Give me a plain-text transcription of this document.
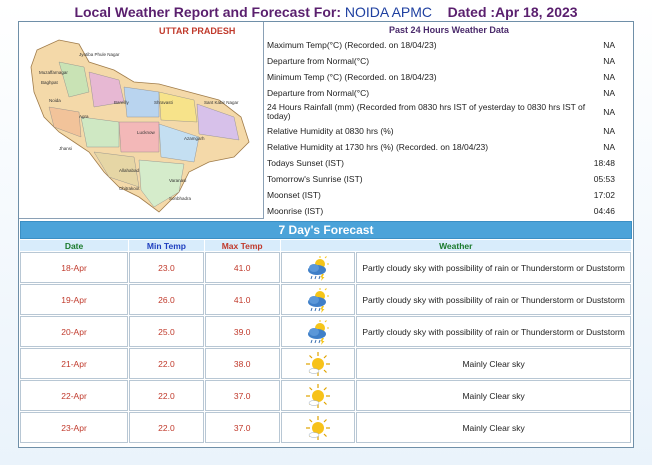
Local Weather Report and Forecast For: NOIDA APMC Dated :Apr 18, 2023
Jyotiba Phule Nagar
Muzaffarnagar
Baghpat
Noida
Agra
Bareilly	Shravasti	Sant Kabir Nagar
Lucknow
Azamgarh
Jhansi
Allahabad
Varanasi
Chitrakoot
Sonbhadra
UTTAR PRADESH	Past 24 Hours Weather Data	
Maximum Temp(°C) (Recorded. on 18/04/23)	NA
Departure from Normal(°C)	NA
Minimum Temp (°C) (Recorded. on 18/04/23)	NA
Departure from Normal(°C)	NA
24 Hours Rainfall (mm) (Recorded from 0830 hrs IST of yesterday to 0830 hrs IST of today)	NA
Relative Humidity at 0830 hrs (%)	NA
Relative Humidity at 1730 hrs (%) (Recorded. on 18/04/23)	NA
Todays Sunset (IST)	18:48
Tomorrow's Sunrise (IST)	05:53
Moonset (IST)	17:02
Moonrise (IST)	04:46
7 Day's Forecast
Date	Min Temp	Max Temp	Weather	
18-Apr	23.0	41.0		Partly cloudy sky with possibility of rain or Thunderstorm or Duststorm
19-Apr	26.0	41.0		Partly cloudy sky with possibility of rain or Thunderstorm or Duststorm
20-Apr	25.0	39.0		Partly cloudy sky with possibility of rain or Thunderstorm or Duststorm
21-Apr	22.0	38.0		Mainly Clear sky
22-Apr	22.0	37.0		Mainly Clear sky
23-Apr	22.0	37.0		Mainly Clear sky
